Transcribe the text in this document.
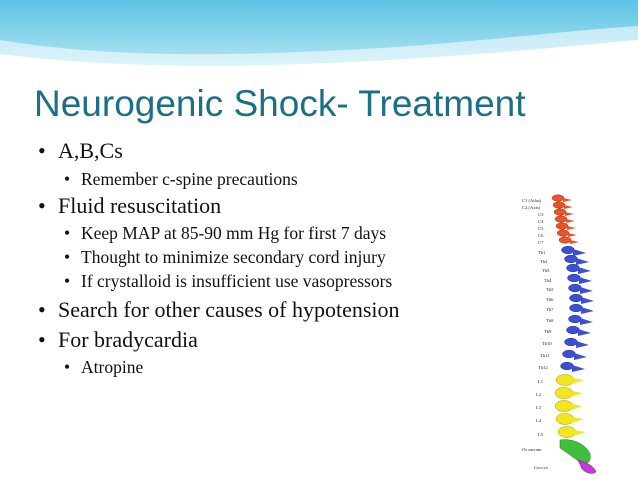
Neurogenic Shock- Treatment
• A,B,Cs
• Remember c-spine precautions
• Fluid resuscitation
• Keep MAP at 85-90 mm Hg for first 7 days
• Thought to minimize secondary cord injury
• If crystalloid is insufficient use vasopressors
• Search for other causes of hypotension
• For bradycardia
• Atropine
C1 (Atlas)
C2 (Axis)
C3
C4
C5
C6
C7
Th1
Th2
Th3
Th4
Th5
Th6
Th7
Th8
Th9
Th10
Th11
Th12
L1
L2
L3
L4
L5
Os sacrum
Coccyx
